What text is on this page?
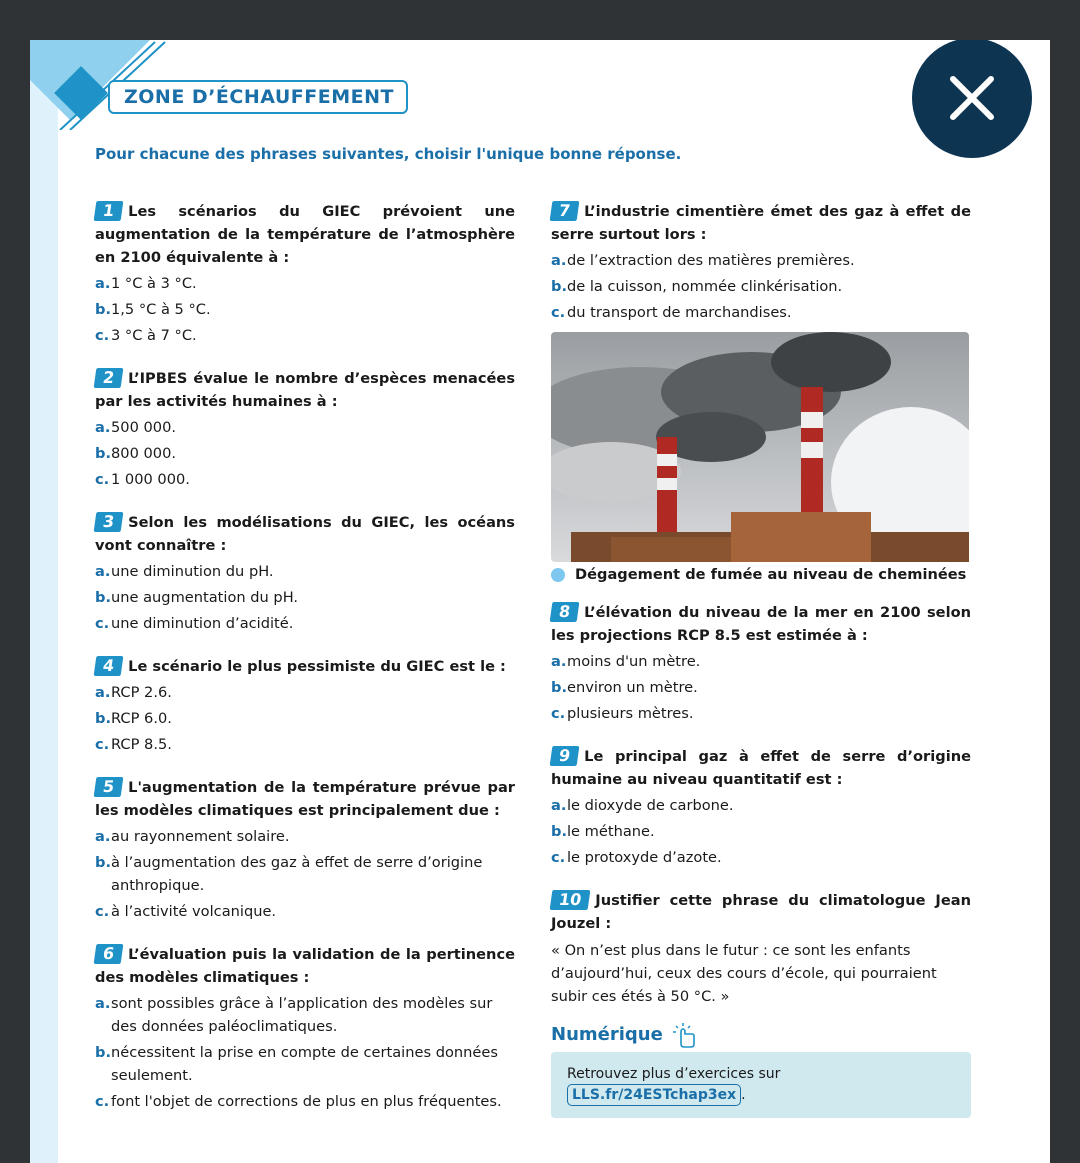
ZONE D’ÉCHAUFFEMENT
Pour chacune des phrases suivantes, choisir l'unique bonne réponse.
1 Les scénarios du GIEC prévoient une augmentation de la température de l’atmosphère en 2100 équivalente à :
a.1 °C à 3 °C.
b.1,5 °C à 5 °C.
c. 3 °C à 7 °C.
2 L’IPBES évalue le nombre d’espèces menacées par les activités humaines à :
a.500 000.
b.800 000.
c. 1 000 000.
3 Selon les modélisations du GIEC, les océans vont connaître :
a.une diminution du pH.
b.une augmentation du pH.
c. une diminution d’acidité.
4 Le scénario le plus pessimiste du GIEC est le :
a.RCP 2.6.
b.RCP 6.0.
c. RCP 8.5.
5 L'augmentation de la température prévue par les modèles climatiques est principalement due :
a.au rayonnement solaire.
b.à l’augmentation des gaz à effet de serre d’origine anthropique.
c. à l’activité volcanique.
6 L’évaluation puis la validation de la pertinence des modèles climatiques :
a.sont possibles grâce à l’application des modèles sur des données paléoclimatiques.
b.nécessitent la prise en compte de certaines données seulement.
c. font l'objet de corrections de plus en plus fréquentes.
7 L’industrie cimentière émet des gaz à effet de serre surtout lors :
a.de l’extraction des matières premières.
b.de la cuisson, nommée clinkérisation.
c. du transport de marchandises.
Dégagement de fumée au niveau de cheminées
8 L’élévation du niveau de la mer en 2100 selon les projections RCP 8.5 est estimée à :
a.moins d'un mètre.
b.environ un mètre.
c. plusieurs mètres.
9 Le principal gaz à effet de serre d’origine humaine au niveau quantitatif est :
a.le dioxyde de carbone.
b.le méthane.
c. le protoxyde d’azote.
10 Justifier cette phrase du climatologue Jean Jouzel :
« On n’est plus dans le futur : ce sont les enfants d’aujourd’hui, ceux des cours d’école, qui pourraient subir ces étés à 50 °C. »
Numérique
Retrouvez plus d’exercices sur LLS.fr/24ESTchap3ex .
